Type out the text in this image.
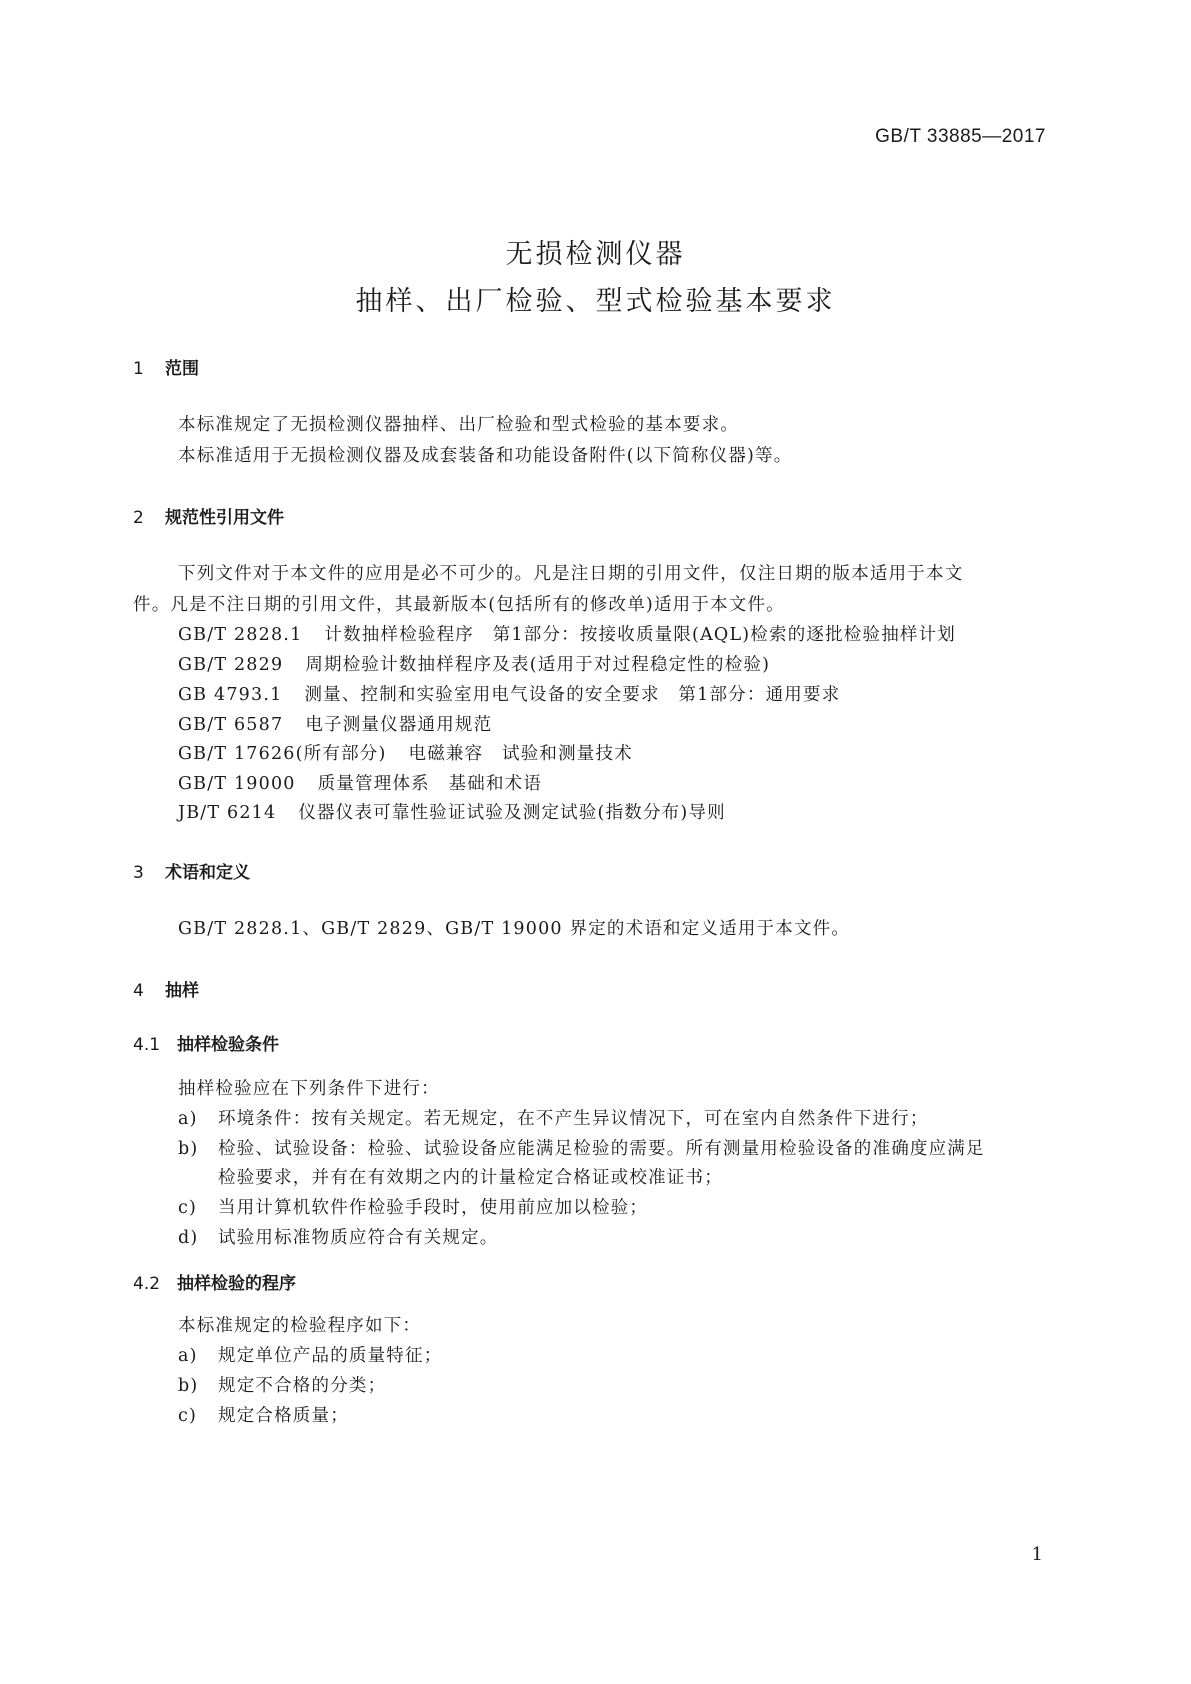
GB/T 33885—2017
无损检测仪器
抽样、出厂检验、型式检验基本要求
1 范围
本标准规定了无损检测仪器抽样、出厂检验和型式检验的基本要求。
本标准适用于无损检测仪器及成套装备和功能设备附件(以下简称仪器)等。
2 规范性引用文件
下列文件对于本文件的应用是必不可少的。凡是注日期的引用文件，仅注日期的版本适用于本文
件。凡是不注日期的引用文件，其最新版本(包括所有的修改单)适用于本文件。
GB/T 2828.1 计数抽样检验程序　第1部分：按接收质量限(AQL)检索的逐批检验抽样计划
GB/T 2829 周期检验计数抽样程序及表(适用于对过程稳定性的检验)
GB 4793.1 测量、控制和实验室用电气设备的安全要求　第1部分：通用要求
GB/T 6587 电子测量仪器通用规范
GB/T 17626(所有部分) 电磁兼容　试验和测量技术
GB/T 19000 质量管理体系　基础和术语
JB/T 6214 仪器仪表可靠性验证试验及测定试验(指数分布)导则
3 术语和定义
GB/T 2828.1、GB/T 2829、GB/T 19000 界定的术语和定义适用于本文件。
4 抽样
4.1 抽样检验条件
抽样检验应在下列条件下进行：
a) 环境条件：按有关规定。若无规定，在不产生异议情况下，可在室内自然条件下进行；
b) 检验、试验设备：检验、试验设备应能满足检验的需要。所有测量用检验设备的准确度应满足
检验要求，并有在有效期之内的计量检定合格证或校准证书；
c) 当用计算机软件作检验手段时，使用前应加以检验；
d) 试验用标准物质应符合有关规定。
4.2 抽样检验的程序
本标准规定的检验程序如下：
a) 规定单位产品的质量特征；
b) 规定不合格的分类；
c) 规定合格质量；
1
